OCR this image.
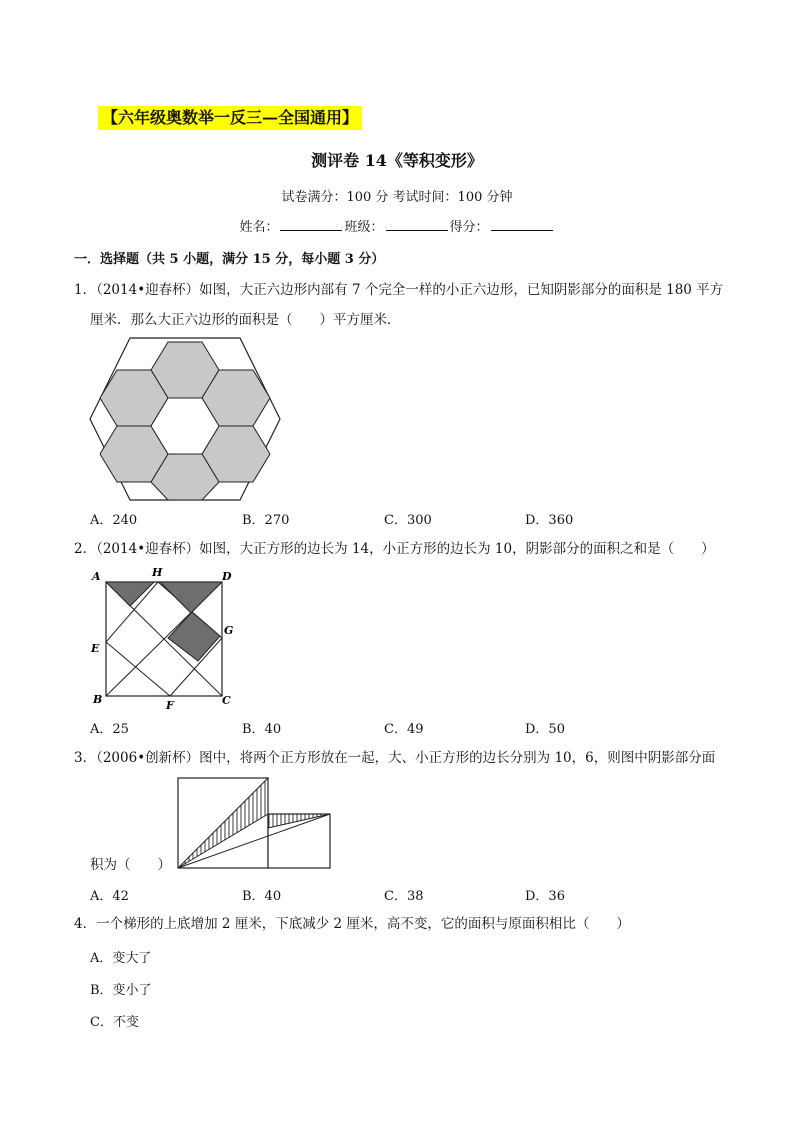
【六年级奥数举一反三—全国通用】
测评卷 14《等积变形》
试卷满分：100 分 考试时间：100 分钟
姓名：	班级：	得分：
一．选择题（共 5 小题，满分 15 分，每小题 3 分）
1．（2014•迎春杯）如图，大正六边形内部有 7 个完全一样的小正六边形，已知阴影部分的面积是 180 平方
厘米．那么大正六边形的面积是（　　）平方厘米．
A．240	B．270	C．300	D．360
2．（2014•迎春杯）如图，大正方形的边长为 14，小正方形的边长为 10，阴影部分的面积之和是（　　）
A	H	D
G
E
B	F	C
A．25	B．40	C．49	D．50
3．（2006•创新杯）图中，将两个正方形放在一起，大、小正方形的边长分别为 10，6，则图中阴影部分面
积为（　　）
A．42	B．40	C．38	D．36
4．一个梯形的上底增加 2 厘米，下底减少 2 厘米，高不变，它的面积与原面积相比（　　）
A．变大了
B．变小了
C．不变
